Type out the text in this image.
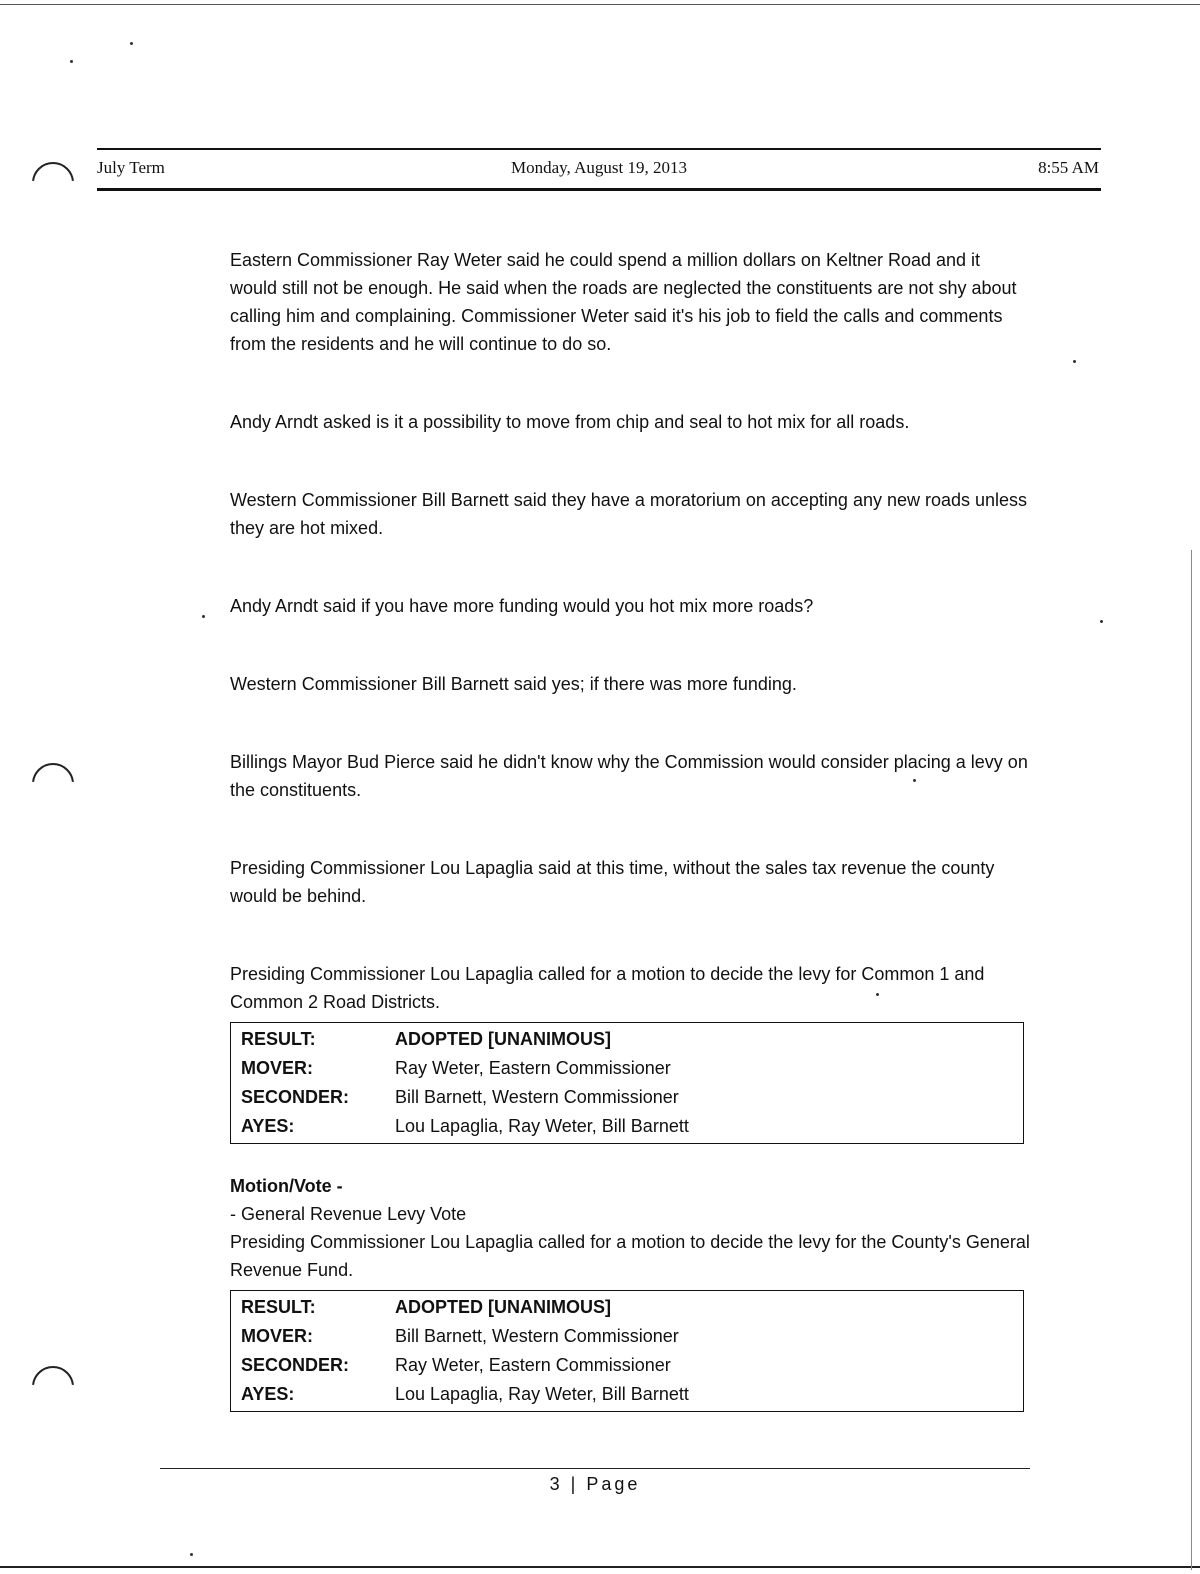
July Term	Monday, August 19, 2013	8:55 AM

Eastern Commissioner Ray Weter said he could spend a million dollars on Keltner Road and it would still not be enough. He said when the roads are neglected the constituents are not shy about calling him and complaining. Commissioner Weter said it's his job to field the calls and comments from the residents and he will continue to do so.

Andy Arndt asked is it a possibility to move from chip and seal to hot mix for all roads.

Western Commissioner Bill Barnett said they have a moratorium on accepting any new roads unless they are hot mixed.

Andy Arndt said if you have more funding would you hot mix more roads?

Western Commissioner Bill Barnett said yes; if there was more funding.

Billings Mayor Bud Pierce said he didn't know why the Commission would consider placing a levy on the constituents.

Presiding Commissioner Lou Lapaglia said at this time, without the sales tax revenue the county would be behind.

Presiding Commissioner Lou Lapaglia called for a motion to decide the levy for Common 1 and Common 2 Road Districts.

RESULT:	ADOPTED [UNANIMOUS]
MOVER:	Ray Weter, Eastern Commissioner
SECONDER:	Bill Barnett, Western Commissioner
AYES:	Lou Lapaglia, Ray Weter, Bill Barnett
Motion/Vote -
- General Revenue Levy Vote

Presiding Commissioner Lou Lapaglia called for a motion to decide the levy for the County's General Revenue Fund.

RESULT:	ADOPTED [UNANIMOUS]
MOVER:	Bill Barnett, Western Commissioner
SECONDER:	Ray Weter, Eastern Commissioner
AYES:	Lou Lapaglia, Ray Weter, Bill Barnett
3 | Page
